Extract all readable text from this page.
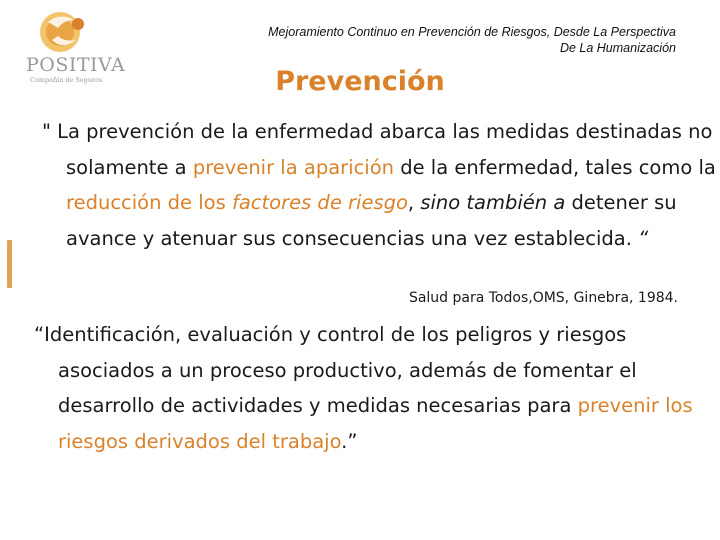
POSITIVA
Compañía de Seguros
Mejoramiento Continuo en Prevención de Riesgos, Desde La Perspectiva
De La Humanización
Prevención
" La prevención de la enfermedad abarca las medidas destinadas no solamente a prevenir la aparición de la enfermedad, tales como la reducción de los factores de riesgo, sino también a detener su avance y atenuar sus consecuencias una vez establecida. “
Salud para Todos,OMS, Ginebra, 1984.
“Identificación, evaluación y control de los peligros y riesgos asociados a un proceso productivo, además de fomentar el desarrollo de actividades y medidas necesarias para prevenir los riesgos derivados del trabajo.”
